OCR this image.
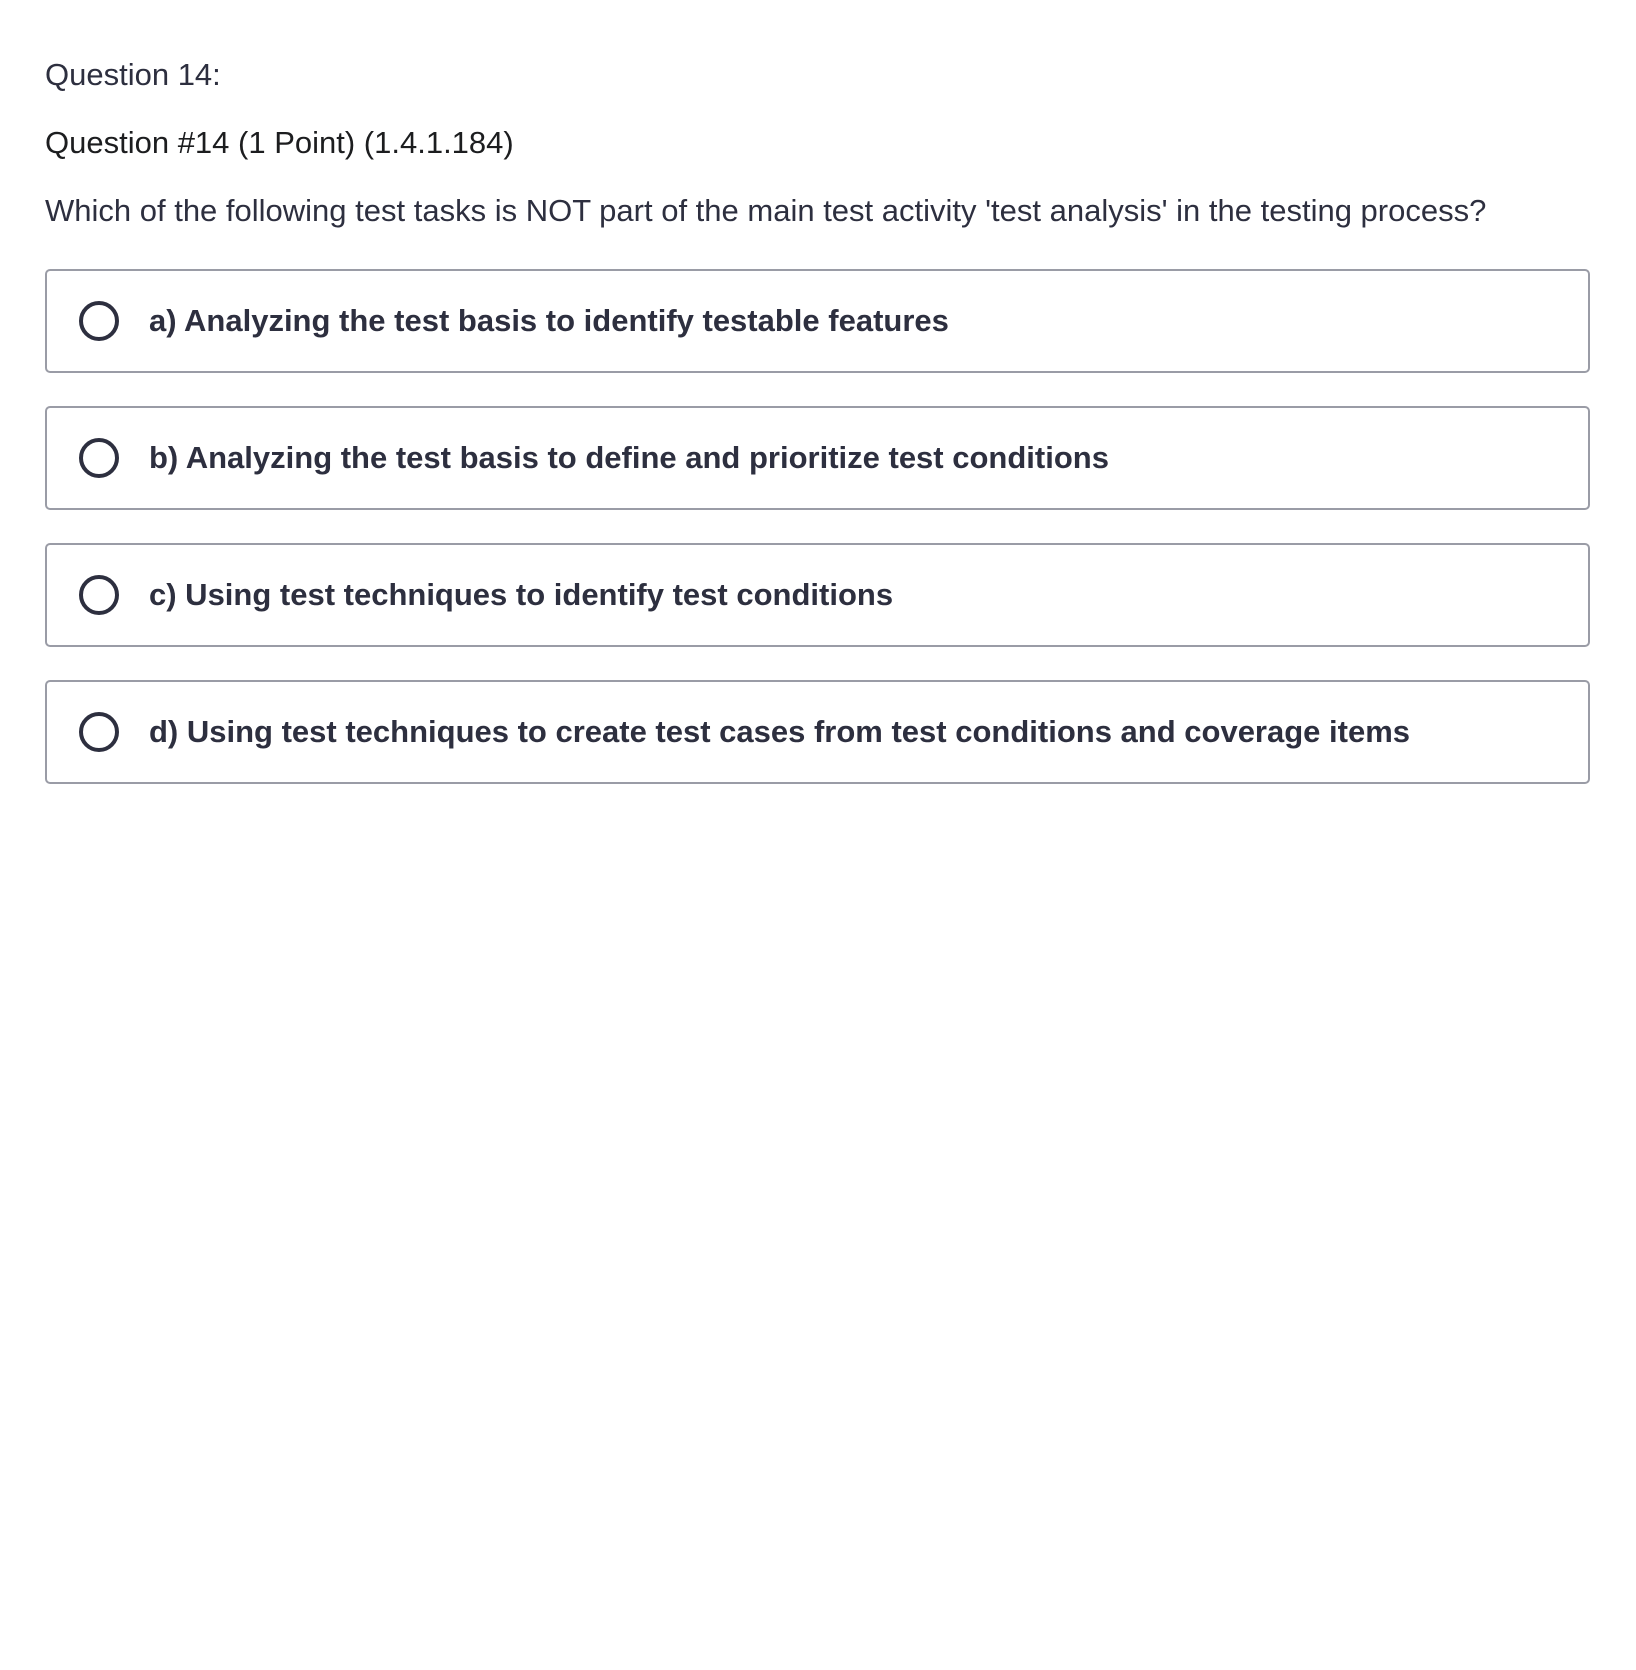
Question 14:
Question #14 (1 Point) (1.4.1.184)
Which of the following test tasks is NOT part of the main test activity 'test analysis' in the testing process?
a) Analyzing the test basis to identify testable features
b) Analyzing the test basis to define and prioritize test conditions
c) Using test techniques to identify test conditions
d) Using test techniques to create test cases from test conditions and coverage items
